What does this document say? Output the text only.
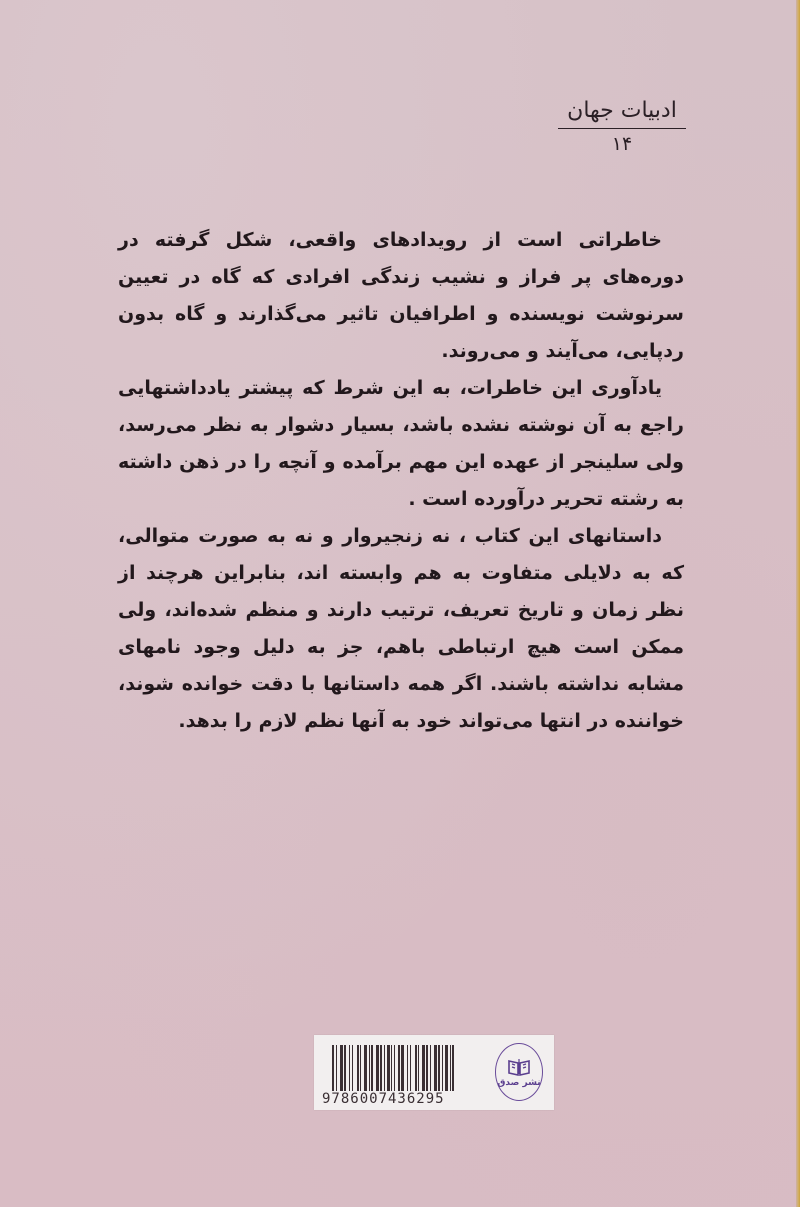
ادبیات جهان
۱۴

خاطراتی است از رویدادهای واقعی، شکل گرفته در دوره‌های پر فراز و نشیب زندگی افرادی که گاه در تعیین سرنوشت نویسنده و اطرافیان تاثیر می‌گذارند و گاه بدون ردپایی، می‌آیند و می‌روند.

یادآوری این خاطرات، به این شرط که پیشتر یادداشتهایی راجع به آن نوشته نشده باشد، بسیار دشوار به نظر می‌رسد، ولی سلینجر از عهده این مهم برآمده و آنچه را در ذهن داشته به رشته تحریر درآورده است .

داستانهای این کتاب ، نه زنجیروار و نه به صورت متوالی، که به دلایلی متفاوت به هم وابسته اند، بنابراین هرچند از نظر زمان و تاریخ تعریف، ترتیب دارند و منظم شده‌اند، ولی ممکن است هیچ ارتباطی باهم، جز به دلیل وجود نامهای مشابه نداشته باشند. اگر همه داستانها با دقت خوانده شوند، خواننده در انتها می‌تواند خود به آنها نظم لازم را بدهد.

9786007436295
نشر صدق
